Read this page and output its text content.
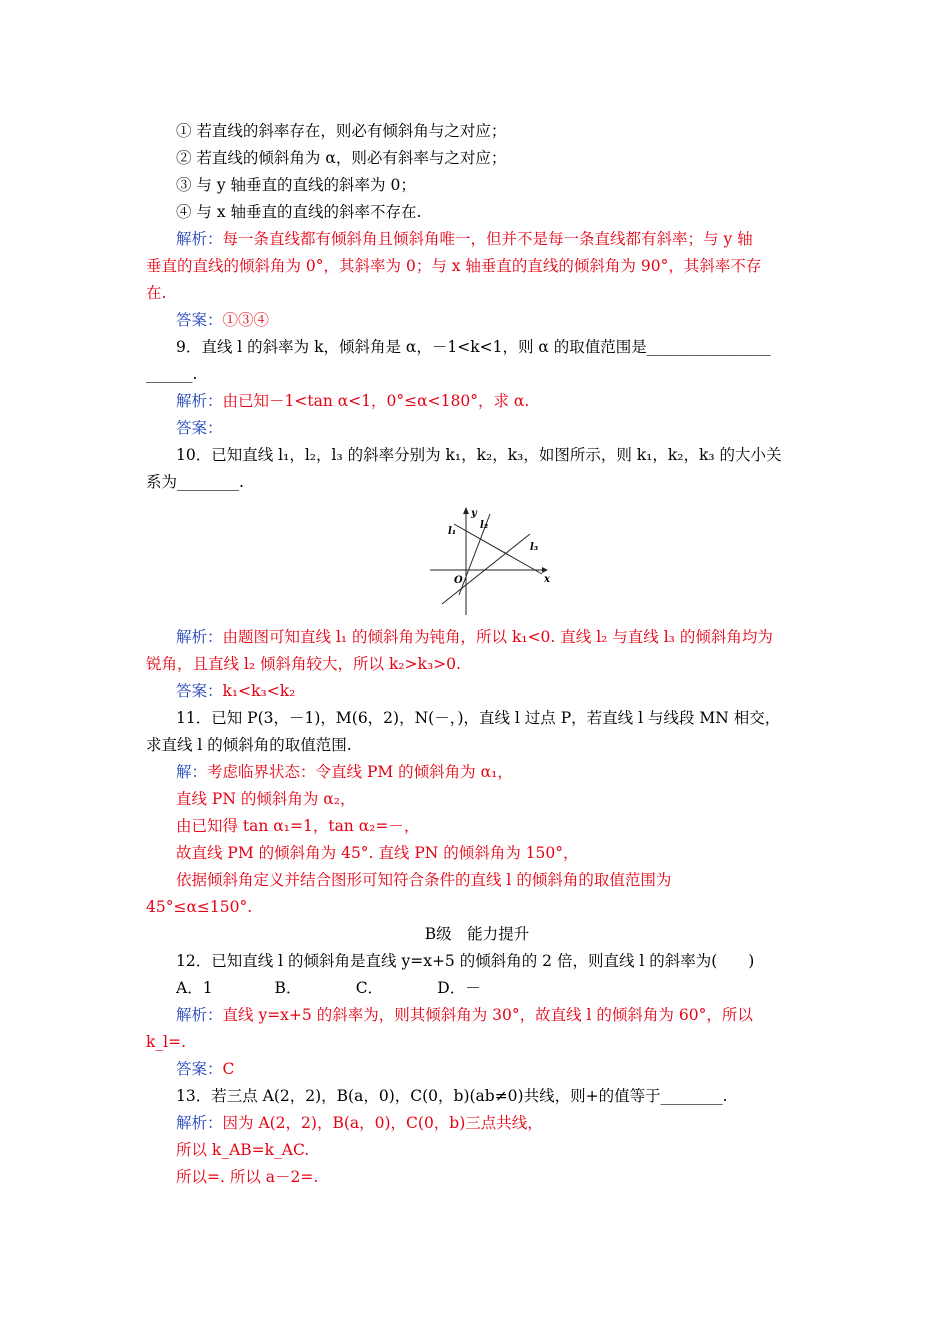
① 若直线的斜率存在，则必有倾斜角与之对应；
② 若直线的倾斜角为 α，则必有斜率与之对应；
③ 与 y 轴垂直的直线的斜率为 0；
④ 与 x 轴垂直的直线的斜率不存在.
解析：每一条直线都有倾斜角且倾斜角唯一，但并不是每一条直线都有斜率；与 y 轴
垂直的直线的倾斜角为 0°，其斜率为 0；与 x 轴垂直的直线的倾斜角为 90°，其斜率不存
在.
答案：①③④
9．直线 l 的斜率为 k，倾斜角是 α，－1<k<1，则 α 的取值范围是________________
______.
解析：由已知－1<tan α<1，0°≤α<180°，求 α.
答案：
10．已知直线 l₁，l₂，l₃ 的斜率分别为 k₁，k₂，k₃，如图所示，则 k₁，k₂，k₃ 的大小关
系为________.
y
x
O
l₁
l₂
l₃
解析：由题图可知直线 l₁ 的倾斜角为钝角，所以 k₁<0. 直线 l₂ 与直线 l₃ 的倾斜角均为
锐角，且直线 l₂ 倾斜角较大，所以 k₂>k₃>0.
答案：k₁<k₃<k₂
11．已知 P(3，－1)，M(6，2)，N(－，)，直线 l 过点 P，若直线 l 与线段 MN 相交，
求直线 l 的倾斜角的取值范围.
解：考虑临界状态：令直线 PM 的倾斜角为 α₁，
直线 PN 的倾斜角为 α₂，
由已知得 tan α₁=1，tan α₂=－，
故直线 PM 的倾斜角为 45°. 直线 PN 的倾斜角为 150°，
依据倾斜角定义并结合图形可知符合条件的直线 l 的倾斜角的取值范围为
45°≤α≤150°.
B级　能力提升
12．已知直线 l 的倾斜角是直线 y=x+5 的倾斜角的 2 倍，则直线 l 的斜率为(　　)
A．1　　　　B．　　　　C．　　　　D．－
解析：直线 y=x+5 的斜率为，则其倾斜角为 30°，故直线 l 的倾斜角为 60°，所以
k_l=.
答案：C
13．若三点 A(2，2)，B(a，0)，C(0，b)(ab≠0)共线，则+的值等于________.
解析：因为 A(2，2)，B(a，0)，C(0，b)三点共线，
所以 k_AB=k_AC.
所以=. 所以 a－2=.
